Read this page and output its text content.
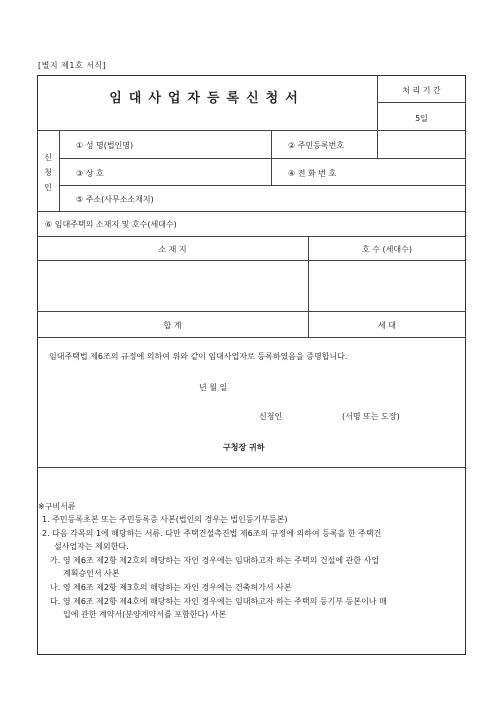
[별지 제1호 서식]
임대사업자등록신청서
처 리 기 간
5일
신
청
인
① 성 명(법인명)	② 주민등록번호
③ 상 호	④ 전 화 번 호
⑤ 주소(사무소소재지)
⑥ 임대주택의 소재지 및 호수(세대수)
소 재 지	호 수 (세대수)
합 계	세 대
임대주택법 제6조의 규정에 의하여 위와 같이 임대사업자로 등록하였음을 증명합니다.
년 월 일
신청인	(서명 또는 도장)
구청장 귀하
※구비서류
1. 주민등록초본 또는 주민등록증 사본(법인의 경우는 법인등기부등본)
2. 다음 각목의 1에 해당하는 서류. 다만 주택건설촉진법 제6조의 규정에 의하여 등록을 한 주택건
설사업자는 제외한다.
가. 영 제6조 제2항 제2호의 해당하는 자인 경우에는 임대하고자 하는 주택의 건설에 관한 사업
계획승인서 사본
나. 영 제6조 제2항 제3호의 해당하는 자인 경우에는 건축허가서 사본
다. 영 제6조 제2항 제4호에 해당하는 자인 경우에는 임대하고자 하는 주택의 등기부 등본이나 매
입에 관한 계약서(분양계약서를 포함한다) 사본
